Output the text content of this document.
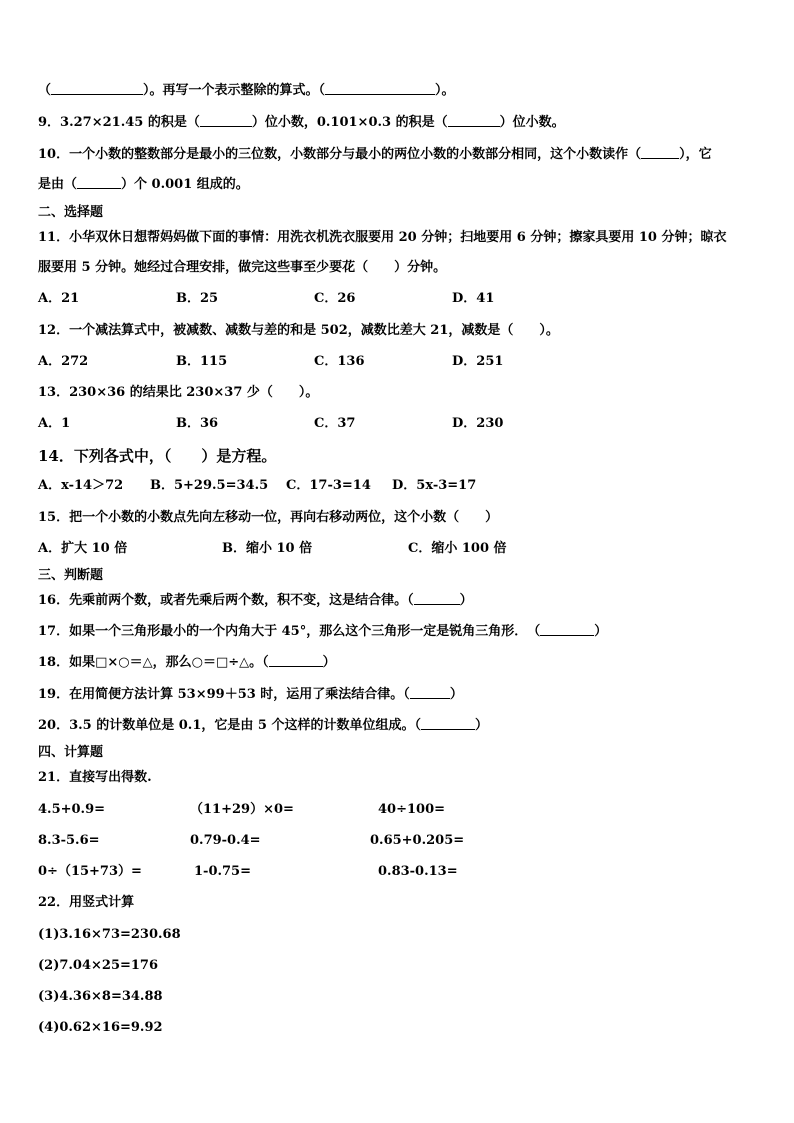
（	）。再写一个表示整除的算式。（	）。
9．3.27×21.45 的积是（	）位小数，0.101×0.3 的积是（	）位小数。
10．一个小数的整数部分是最小的三位数，小数部分与最小的两位小数的小数部分相同，这个小数读作（	），它
是由（	）个 0.001 组成的。
二、选择题
11．小华双休日想帮妈妈做下面的事情：用洗衣机洗衣服要用 20 分钟；扫地要用 6 分钟；擦家具要用 10 分钟；晾衣
服要用 5 分钟。她经过合理安排，做完这些事至少要花（　　）分钟。
A．21	B．25	C．26	D．41
12．一个减法算式中，被减数、减数与差的和是 502，减数比差大 21，减数是（　　）。
A．272	B．115	C．136	D．251
13．230×36 的结果比 230×37 少（　　）。
A．1	B．36	C．37	D．230
14．下列各式中，（　　）是方程。
A．x-14＞72 B．5+29.5=34.5 C．17-3=14 D．5x-3=17
15．把一个小数的小数点先向左移动一位，再向右移动两位，这个小数（　　）
A．扩大 10 倍	B．缩小 10 倍	C．缩小 100 倍
三、判断题
16．先乘前两个数，或者先乘后两个数，积不变，这是结合律。（	）
17．如果一个三角形最小的一个内角大于 45°，那么这个三角形一定是锐角三角形．　（	）
18．如果□×○＝△，那么○＝□÷△。（	）
19．在用简便方法计算 53×99＋53 时，运用了乘法结合律。（	）
20．3.5 的计数单位是 0.1，它是由 5 个这样的计数单位组成。（	）
四、计算题
21．直接写出得数.
4.5+0.9=	（11+29）×0=	40÷100=
8.3-5.6=	0.79-0.4=	0.65+0.205=
0÷（15+73）=	1-0.75=	0.83-0.13=
22．用竖式计算
(1)3.16×73=230.68
(2)7.04×25=176
(3)4.36×8=34.88
(4)0.62×16=9.92
